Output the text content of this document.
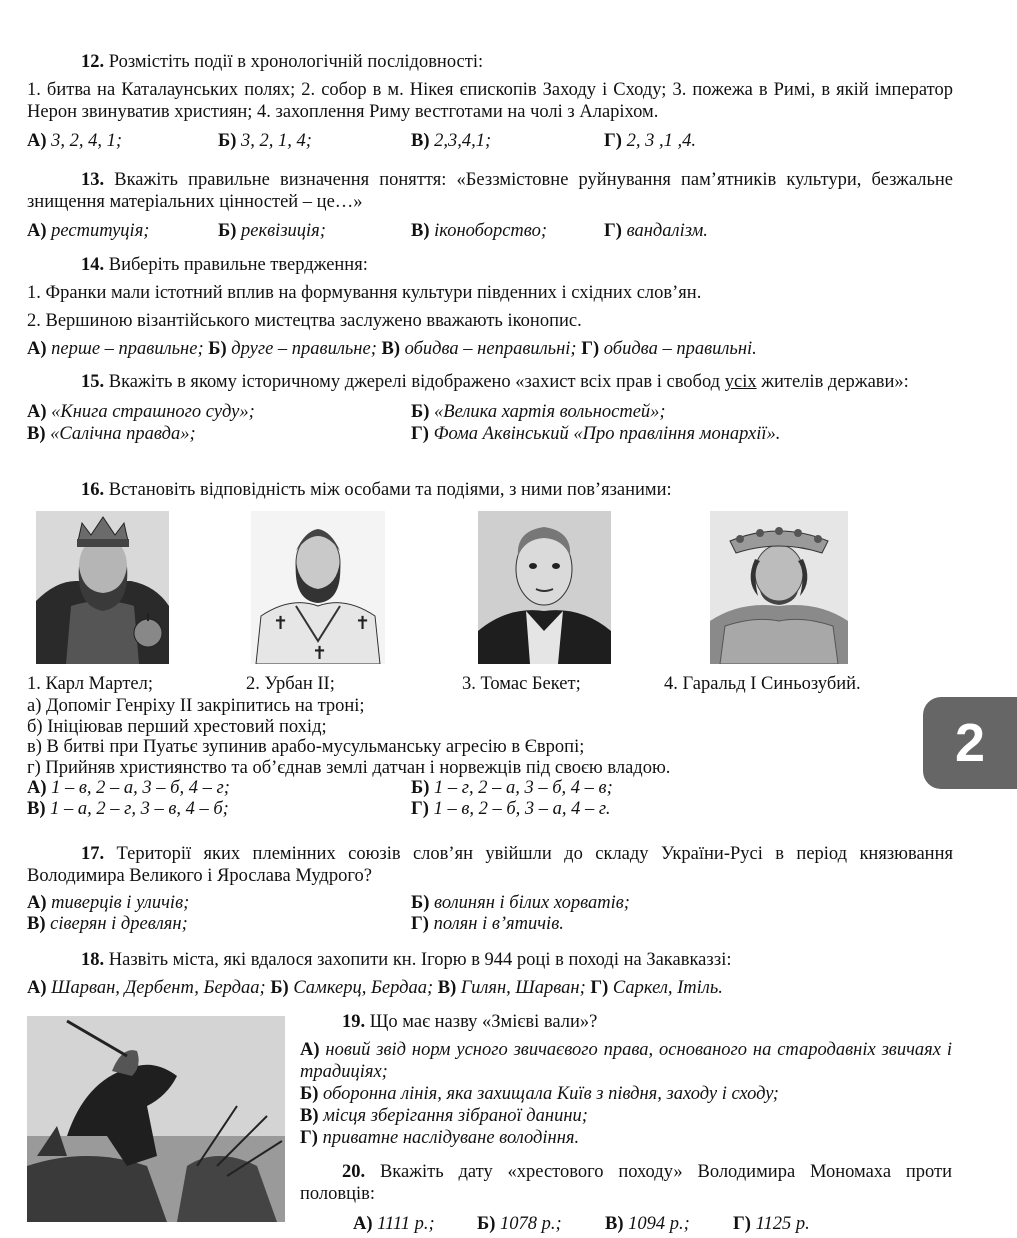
12. Розмістіть події в хронологічній послідовності:

1. битва на Каталаунських полях; 2. собор в м. Нікея єпископів Заходу і Сходу; 3. пожежа в Римі, в якій імператор Нерон звинуватив християн; 4. захоплення Риму вестготами на чолі з Аларіхом.

А) 3, 2, 4, 1;	Б) 3, 2, 1, 4;	В) 2,3,4,1;	Г) 2, 3 ,1 ,4.

13. Вкажіть правильне визначення поняття: «Беззмістовне руйнування пам’ятників культури, безжальне знищення матеріальних цінностей – це…»

А) реституція;	Б) реквізиція;	В) іконоборство;	Г) вандалізм.

14. Виберіть правильне твердження:

1. Франки мали істотний вплив на формування культури південних і східних слов’ян.

2. Вершиною візантійського мистецтва заслужено вважають іконопис.

А) перше – правильне; Б) друге – правильне; В) обидва – неправильні; Г) обидва – правильні.

15. Вкажіть в якому історичному джерелі відображено «захист всіх прав і свобод усіх жителів держави»:

А) «Книга страшного суду»;	Б) «Велика хартія вольностей»;
В) «Салічна правда»;	Г) Фома Аквінський «Про правління монархії».

16. Встановіть відповідність між особами та подіями, з ними пов’язаними:

✝	✝
✝
1. Карл Мартел;	2. Урбан ІІ;	3. Томас Бекет;	4. Гаральд І Синьозубий.

а) Допоміг Генріху ІІ закріпитись на троні;

б) Ініціював перший хрестовий похід;

в) В битві при Пуатьє зупинив арабо-мусульманську агресію в Європі;

г) Прийняв християнство та об’єднав землі датчан і норвежців під своєю владою.

А) 1 – в, 2 – а, 3 – б, 4 – г;	Б) 1 – г, 2 – а, 3 – б, 4 – в;
В) 1 – а, 2 – г, 3 – в, 4 – б;	Г) 1 – в, 2 – б, 3 – а, 4 – г.

17. Території яких племінних союзів слов’ян увійшли до складу України-Русі в період князювання Володимира Великого і Ярослава Мудрого?

А) тиверців і уличів;	Б) волинян і білих хорватів;
В) сіверян і древлян;	Г) полян і в’ятичів.

18. Назвіть міста, які вдалося захопити кн. Ігорю в 944 році в поході на Закавказзі:

А) Шарван, Дербент, Бердаа; Б) Самкерц, Бердаа; В) Гилян, Шарван; Г) Саркел, Ітіль.

19. Що має назву «Змієві вали»?

А) новий звід норм усного звичаєвого права, основаного на стародавніх звичаях і традиціях;

Б) оборонна лінія, яка захищала Київ з півдня, заходу і сходу;

В) місця зберігання зібраної данини;

Г) приватне наслідуване володіння.

20. Вкажіть дату «хрестового походу» Володимира Мономаха проти половців:

А) 1111 р.;	Б) 1078 р.;	В) 1094 р.;	Г) 1125 р.
2
